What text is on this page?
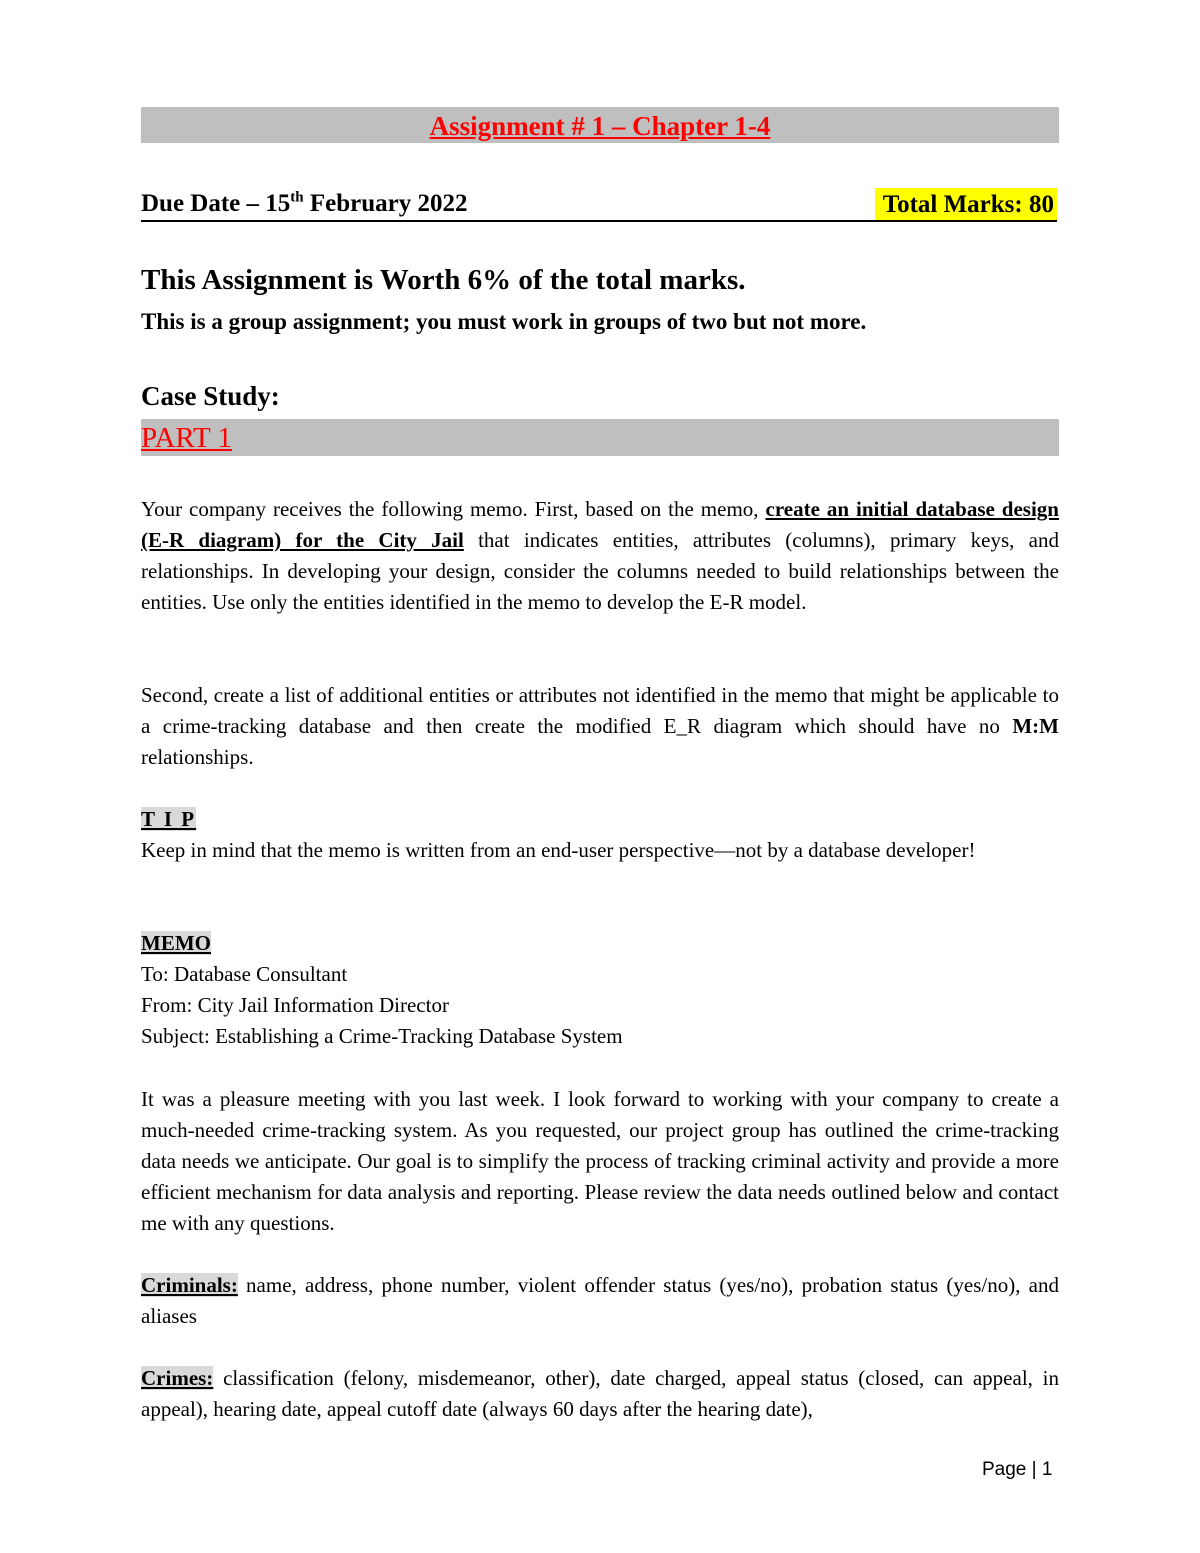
Assignment # 1 – Chapter 1-4
Due Date – 15th February 2022	Total Marks: 80
This Assignment is Worth 6% of the total marks.
This is a group assignment; you must work in groups of two but not more.
Case Study:
PART 1

Your company receives the following memo. First, based on the memo, create an initial database design (E-R diagram) for the City Jail that indicates entities, attributes (columns), primary keys, and relationships. In developing your design, consider the columns needed to build relationships between the entities. Use only the entities identified in the memo to develop the E-R model.

Second, create a list of additional entities or attributes not identified in the memo that might be applicable to a crime-tracking database and then create the modified E_R diagram which should have no M:M relationships.

T I P

Keep in mind that the memo is written from an end-user perspective—not by a database developer!

MEMO

To: Database Consultant

From: City Jail Information Director

Subject: Establishing a Crime-Tracking Database System

It was a pleasure meeting with you last week. I look forward to working with your company to create a much-needed crime-tracking system. As you requested, our project group has outlined the crime-tracking data needs we anticipate. Our goal is to simplify the process of tracking criminal activity and provide a more efficient mechanism for data analysis and reporting. Please review the data needs outlined below and contact me with any questions.

Criminals: name, address, phone number, violent offender status (yes/no), probation status (yes/no), and aliases

Crimes: classification (felony, misdemeanor, other), date charged, appeal status (closed, can appeal, in appeal), hearing date, appeal cutoff date (always 60 days after the hearing date),

Page | 1
